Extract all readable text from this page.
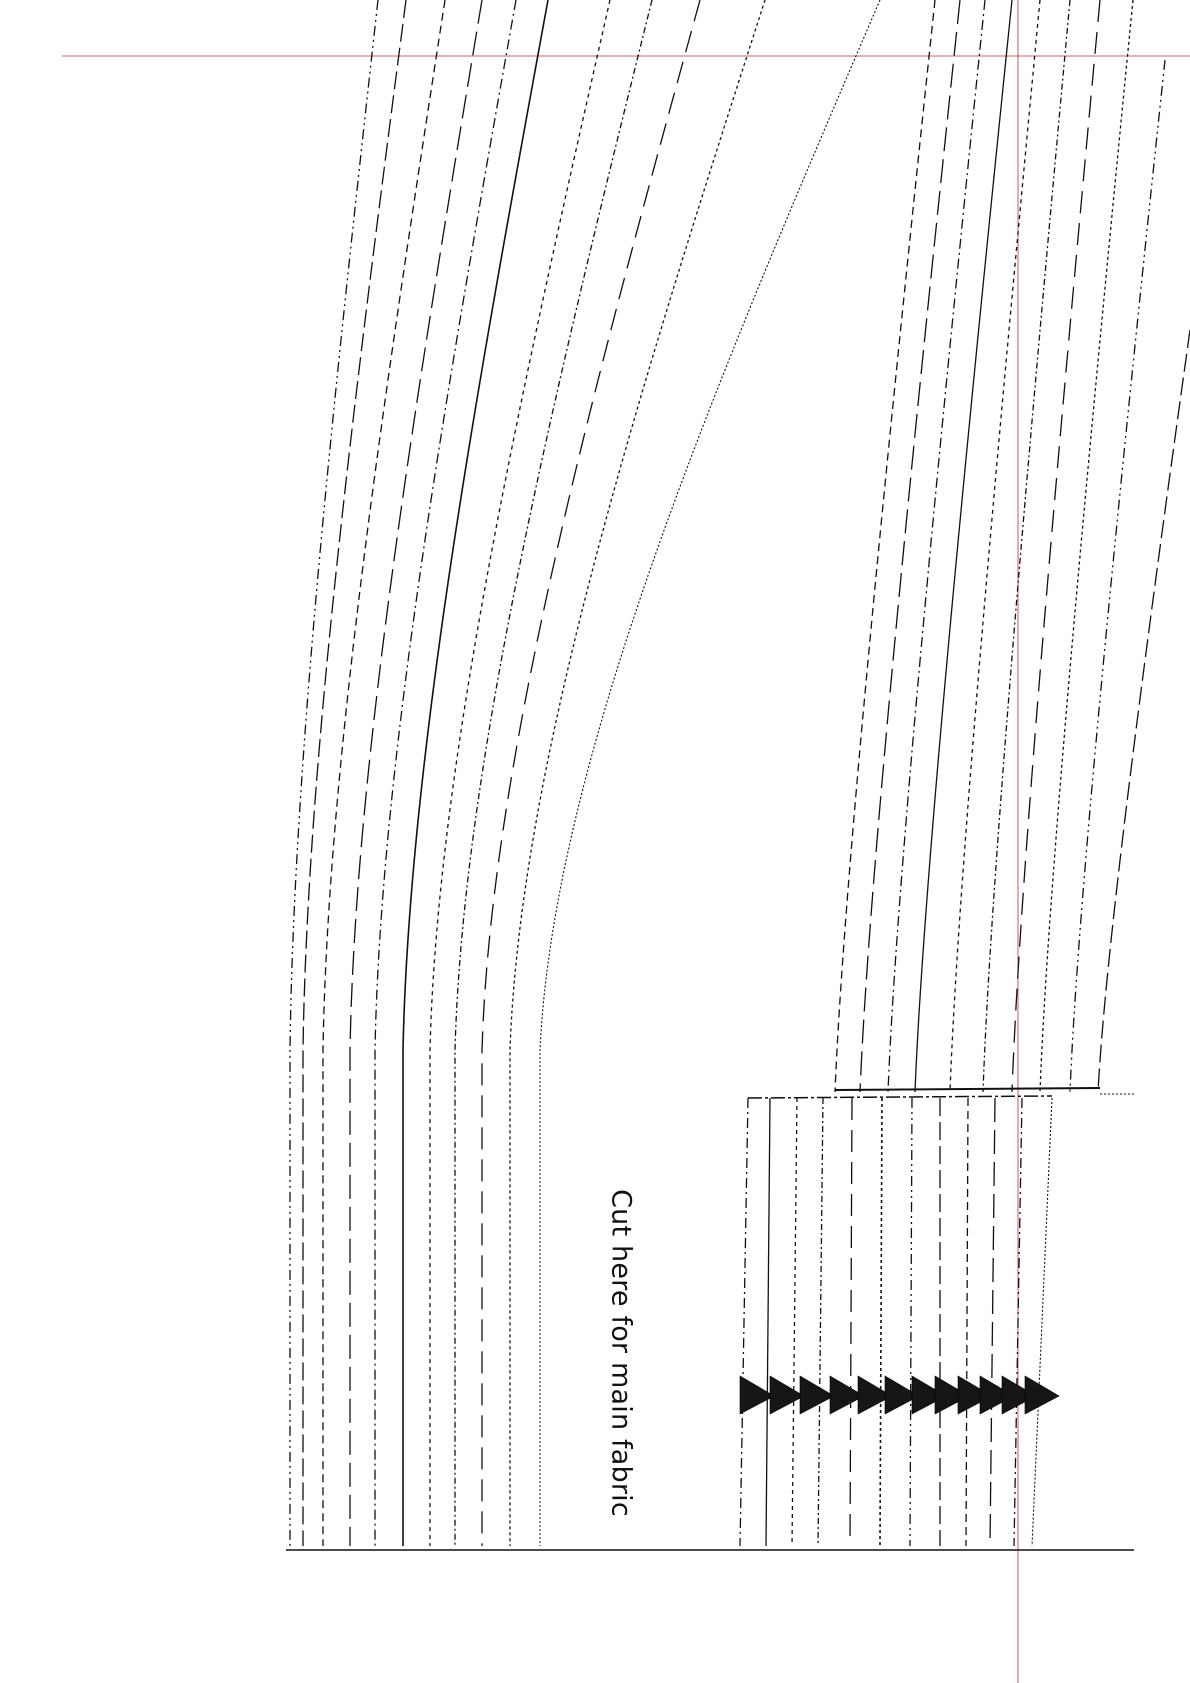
Cut here for main fabric
